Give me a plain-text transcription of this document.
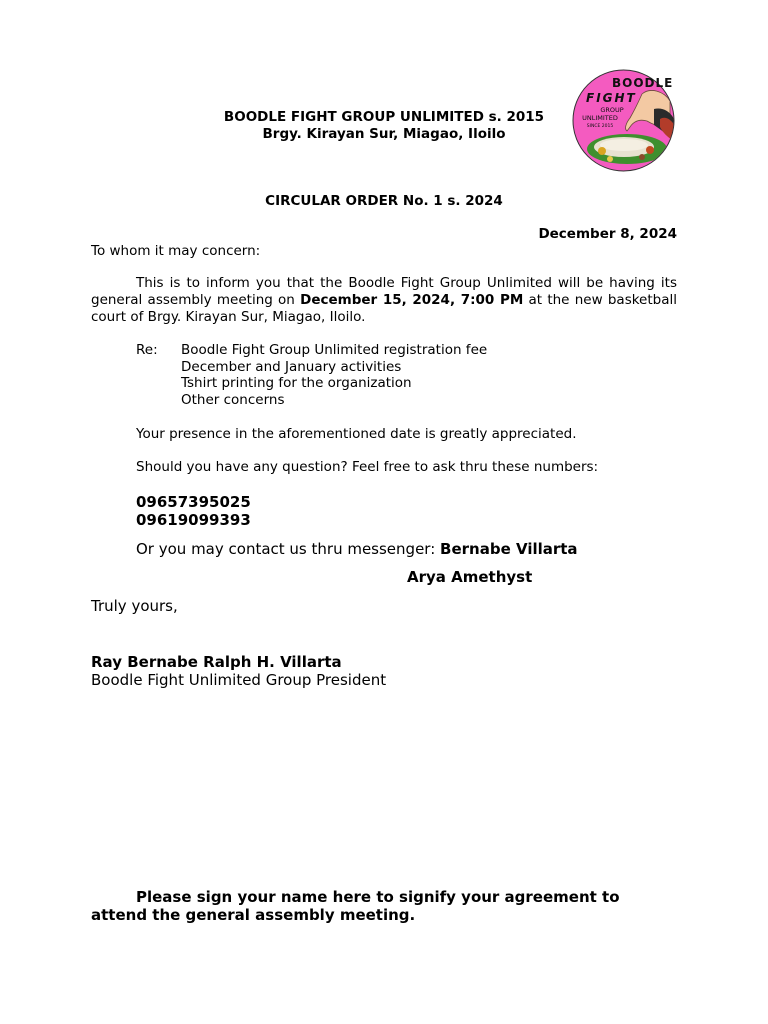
BOODLE FIGHT GROUP UNLIMITED s. 2015
Brgy. Kirayan Sur, Miagao, Iloilo
BOODLE
FIGHT
GROUP
UNLIMITED
SINCE 2015
CIRCULAR ORDER No. 1 s. 2024
December 8, 2024
To whom it may concern:
This is to inform you that the Boodle Fight Group Unlimited will be having its general assembly meeting on December 15, 2024, 7:00 PM at the new basketball court of Brgy. Kirayan Sur, Miagao, Iloilo.
Re: Boodle Fight Group Unlimited registration fee
December and January activities
Tshirt printing for the organization
Other concerns
Your presence in the aforementioned date is greatly appreciated.
Should you have any question? Feel free to ask thru these numbers:
09657395025
09619099393
Or you may contact us thru messenger: Bernabe Villarta
Arya Amethyst
Truly yours,
Ray Bernabe Ralph H. Villarta
Boodle Fight Unlimited Group President
Please sign your name here to signify your agreement to attend the general assembly meeting.
